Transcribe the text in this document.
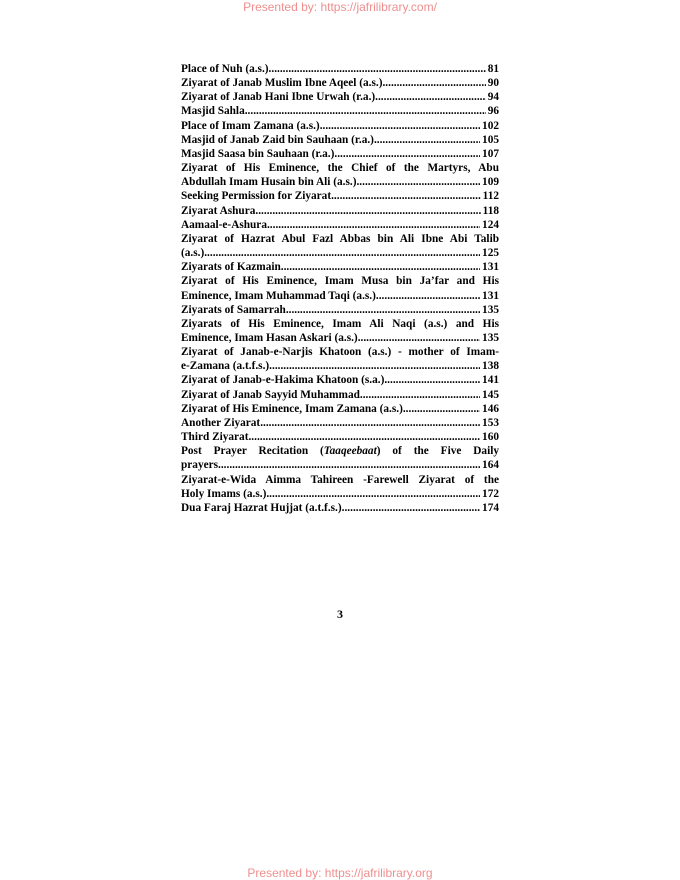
Presented by: https://jafrilibrary.com/
Place of Nuh (a.s.) .....	81
Ziyarat of Janab Muslim Ibne Aqeel (a.s.) .....	90
Ziyarat of Janab Hani Ibne Urwah (r.a.) .....	94
Masjid Sahla .....	96
Place of Imam Zamana (a.s.) .....	102
Masjid of Janab Zaid bin Sauhaan (r.a.) .....	105
Masjid Saasa bin Sauhaan (r.a.) .....	107
Ziyarat of His Eminence, the Chief of the Martyrs, Abu
Abdullah Imam Husain bin Ali (a.s.) .....	109
Seeking Permission for Ziyarat .....	112
Ziyarat Ashura .....	118
Aamaal-e-Ashura .....	124
Ziyarat of Hazrat Abul Fazl Abbas bin Ali Ibne Abi Talib
(a.s.) .....	125
Ziyarats of Kazmain .....	131
Ziyarat of His Eminence, Imam Musa bin Ja’far and His
Eminence, Imam Muhammad Taqi (a.s.) .....	131
Ziyarats of Samarrah .....	135
Ziyarats of His Eminence, Imam Ali Naqi (a.s.) and His
Eminence, Imam Hasan Askari (a.s.) .....	135
Ziyarat of Janab-e-Narjis Khatoon (a.s.) - mother of Imam-
e-Zamana (a.t.f.s.) .....	138
Ziyarat of Janab-e-Hakima Khatoon (s.a.) .....	141
Ziyarat of Janab Sayyid Muhammad .....	145
Ziyarat of His Eminence, Imam Zamana (a.s.) .....	146
Another Ziyarat .....	153
Third Ziyarat .....	160
Post Prayer Recitation (Taaqeebaat) of the Five Daily
prayers .....	164
Ziyarat-e-Wida Aimma Tahireen -Farewell Ziyarat of the
Holy Imams (a.s.) .....	172
Dua Faraj Hazrat Hujjat (a.t.f.s.) .....	174
3
Presented by: https://jafrilibrary.org
